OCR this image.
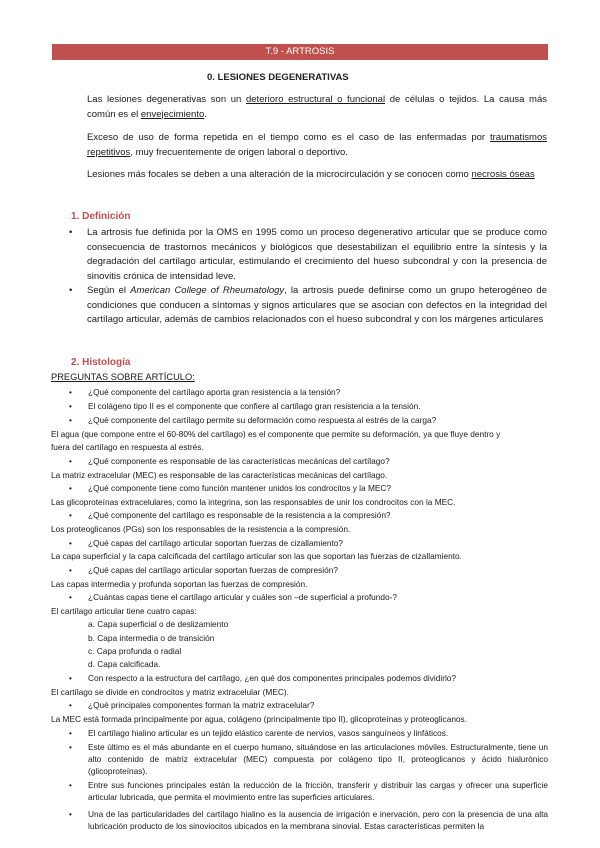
T.9 - ARTROSIS
0. LESIONES DEGENERATIVAS
Las lesiones degenerativas son un deterioro estructural o funcional de células o tejidos. La causa más común es el envejecimiento.
Exceso de uso de forma repetida en el tiempo como es el caso de las enfermadas por traumatismos repetitivos, muy frecuentemente de origen laboral o deportivo.
Lesiones más focales se deben a una alteración de la microcirculación y se conocen como necrosis óseas
1. Definición
• La artrosis fue definida por la OMS en 1995 como un proceso degenerativo articular que se produce como consecuencia de trastornos mecánicos y biológicos que desestabilizan el equilibrio entre la síntesis y la degradación del cartílago articular, estimulando el crecimiento del hueso subcondral y con la presencia de sinovitis crónica de intensidad leve.
• Según el American College of Rheumatology, la artrosis puede definirse como un grupo heterogéneo de condiciones que conducen a síntomas y signos articulares que se asocian con defectos en la integridad del cartílago articular, además de cambios relacionados con el hueso subcondral y con los márgenes articulares
2. Histología
PREGUNTAS SOBRE ARTÍCULO:
• ¿Qué componente del cartílago aporta gran resistencia a la tensión?
• El colágeno tipo II es el componente que confiere al cartílago gran resistencia a la tensión.
• ¿Qué componente del cartílago permite su deformación como respuesta al estrés de la carga?
El agua (que compone entre el 60-80% del cartílago) es el componente que permite su deformación, ya que fluye dentro y
fuera del cartílago en respuesta al estrés.
• ¿Qué componente es responsable de las características mecánicas del cartílago?
La matriz extracelular (MEC) es responsable de las características mecánicas del cartílago.
• ¿Qué componente tiene como función mantener unidos los condrocitos y la MEC?
Las glicoproteínas extracelulares, como la integrina, son las responsables de unir los condrocitos con la MEC.
• ¿Qué componente del cartílago es responsable de la resistencia a la compresión?
Los proteoglicanos (PGs) son los responsables de la resistencia a la compresión.
• ¿Qué capas del cartílago articular soportan fuerzas de cizallamiento?
La capa superficial y la capa calcificada del cartílago articular son las que soportan las fuerzas de cizallamiento.
• ¿Qué capas del cartílago articular soportan fuerzas de compresión?
Las capas intermedia y profunda soportan las fuerzas de compresión.
• ¿Cuántas capas tiene el cartílago articular y cuáles son –de superficial a profundo-?
El cartílago articular tiene cuatro capas:
a. Capa superficial o de deslizamiento
b. Capa intermedia o de transición
c. Capa profunda o radial
d. Capa calcificada.
• Con respecto a la estructura del cartílago, ¿en qué dos componentes principales podemos dividirlo?
El cartílago se divide en condrocitos y matriz extracelular (MEC).
• ¿Qué principales componentes forman la matriz extracelular?
La MEC está formada principalmente por agua, colágeno (principalmente tipo II), glicoproteínas y proteoglicanos.
• El cartílago hialino articular es un tejido elástico carente de nervios, vasos sanguíneos y linfáticos.
• Este último es el más abundante en el cuerpo humano, situándose en las articulaciones móviles. Estructuralmente, tiene un alto contenido de matriz extracelular (MEC) compuesta por colágeno tipo II, proteoglicanos y ácido hialurónico (glicoproteínas).
• Entre sus funciones principales están la reducción de la fricción, transferir y distribuir las cargas y ofrecer una superficie articular lubricada, que permita el movimiento entre las superficies articulares.
• Una de las particularidades del cartílago hialino es la ausencia de irrigación e inervación, pero con la presencia de una alta lubricación producto de los sinoviocitos ubicados en la membrana sinovial. Estas características permiten la
